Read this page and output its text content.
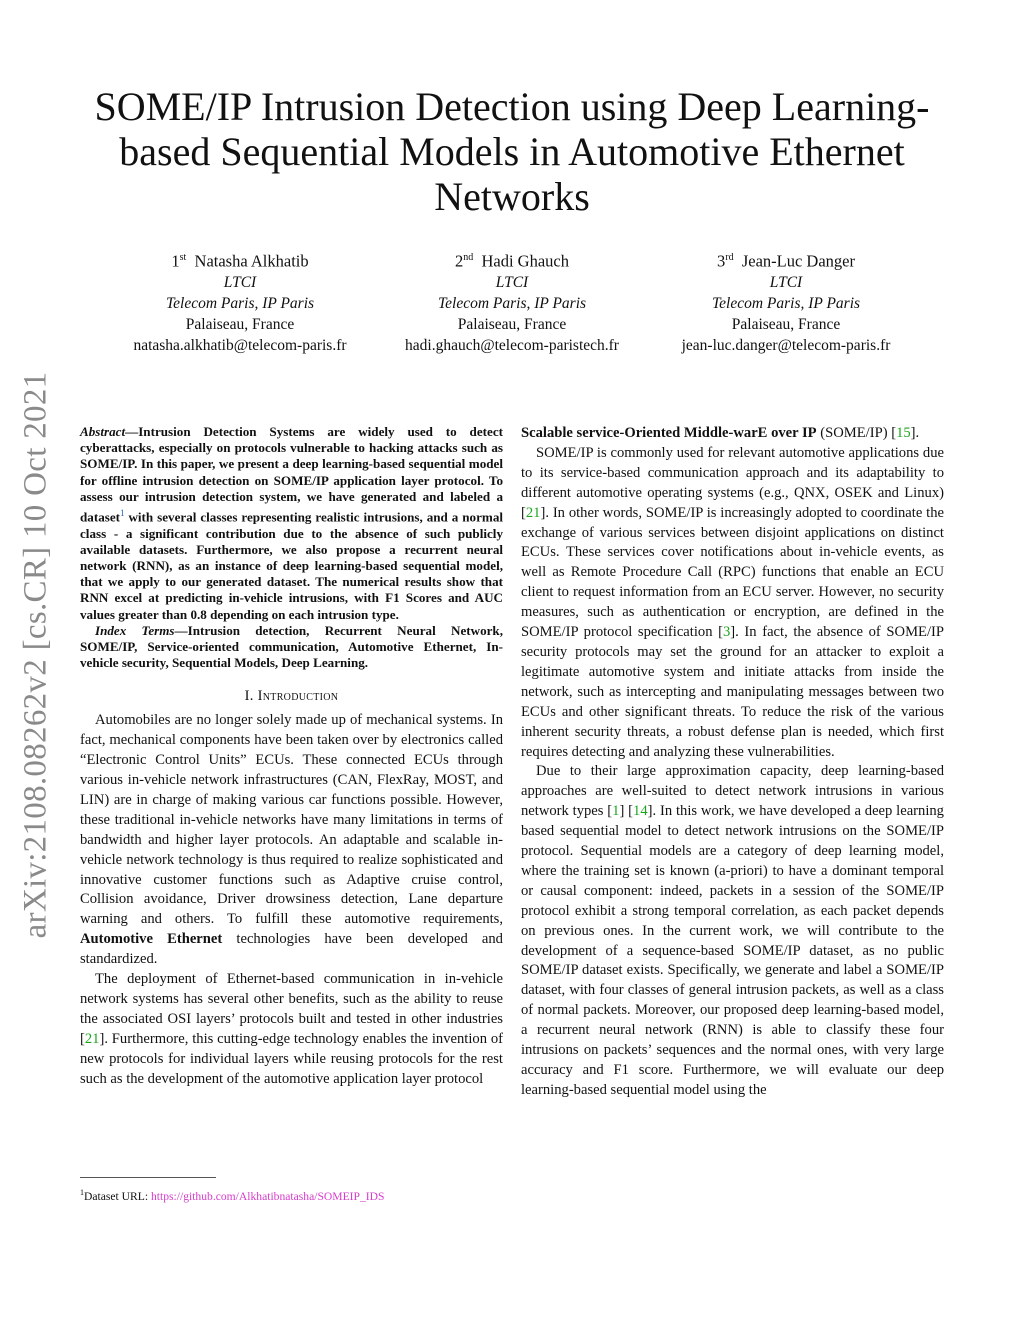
arXiv:2108.08262v2 [cs.CR] 10 Oct 2021
SOME/IP Intrusion Detection using Deep Learning-based Sequential Models in Automotive Ethernet Networks
1st Natasha Alkhatib
LTCI
Telecom Paris, IP Paris
Palaiseau, France
natasha.alkhatib@telecom-paris.fr
2nd Hadi Ghauch
LTCI
Telecom Paris, IP Paris
Palaiseau, France
hadi.ghauch@telecom-paristech.fr
3rd Jean-Luc Danger
LTCI
Telecom Paris, IP Paris
Palaiseau, France
jean-luc.danger@telecom-paris.fr

Abstract—Intrusion Detection Systems are widely used to detect cyberattacks, especially on protocols vulnerable to hacking attacks such as SOME/IP. In this paper, we present a deep learning-based sequential model for offline intrusion detection on SOME/IP application layer protocol. To assess our intrusion detection system, we have generated and labeled a dataset$^1$ with several classes representing realistic intrusions, and a normal class - a significant contribution due to the absence of such publicly available datasets. Furthermore, we also propose a recurrent neural network (RNN), as an instance of deep learning-based sequential model, that we apply to our generated dataset. The numerical results show that RNN excel at predicting in-vehicle intrusions, with F1 Scores and AUC values greater than 0.8 depending on each intrusion type.

Index Terms—Intrusion detection, Recurrent Neural Network, SOME/IP, Service-oriented communication, Automotive Ethernet, In-vehicle security, Sequential Models, Deep Learning.

I. Introduction

Automobiles are no longer solely made up of mechanical systems. In fact, mechanical components have been taken over by electronics called “Electronic Control Units” ECUs. These connected ECUs through various in-vehicle network infrastructures (CAN, FlexRay, MOST, and LIN) are in charge of making various car functions possible. However, these traditional in-vehicle networks have many limitations in terms of bandwidth and higher layer protocols. An adaptable and scalable in-vehicle network technology is thus required to realize sophisticated and innovative customer functions such as Adaptive cruise control, Collision avoidance, Driver drowsiness detection, Lane departure warning and others. To fulfill these automotive requirements, Automotive Ethernet technologies have been developed and standardized.

The deployment of Ethernet-based communication in in-vehicle network systems has several other benefits, such as the ability to reuse the associated OSI layers’ protocols built and tested in other industries [21]. Furthermore, this cutting-edge technology enables the invention of new protocols for individual layers while reusing protocols for the rest such as the development of the automotive application layer protocol

Scalable service-Oriented Middle-warE over IP (SOME/IP) [15].

SOME/IP is commonly used for relevant automotive applications due to its service-based communication approach and its adaptability to different automotive operating systems (e.g., QNX, OSEK and Linux) [21]. In other words, SOME/IP is increasingly adopted to coordinate the exchange of various services between disjoint applications on distinct ECUs. These services cover notifications about in-vehicle events, as well as Remote Procedure Call (RPC) functions that enable an ECU client to request information from an ECU server. However, no security measures, such as authentication or encryption, are defined in the SOME/IP protocol specification [3]. In fact, the absence of SOME/IP security protocols may set the ground for an attacker to exploit a legitimate automotive system and initiate attacks from inside the network, such as intercepting and manipulating messages between two ECUs and other significant threats. To reduce the risk of the various inherent security threats, a robust defense plan is needed, which first requires detecting and analyzing these vulnerabilities.

Due to their large approximation capacity, deep learning-based approaches are well-suited to detect network intrusions in various network types [1] [14]. In this work, we have developed a deep learning based sequential model to detect network intrusions on the SOME/IP protocol. Sequential models are a category of deep learning model, where the training set is known (a-priori) to have a dominant temporal or causal component: indeed, packets in a session of the SOME/IP protocol exhibit a strong temporal correlation, as each packet depends on previous ones. In the current work, we will contribute to the development of a sequence-based SOME/IP dataset, as no public SOME/IP dataset exists. Specifically, we generate and label a SOME/IP dataset, with four classes of general intrusion packets, as well as a class of normal packets. Moreover, our proposed deep learning-based model, a recurrent neural network (RNN) is able to classify these four intrusions on packets’ sequences and the normal ones, with very large accuracy and F1 score. Furthermore, we will evaluate our deep learning-based sequential model using the

$^1$Dataset URL: https://github.com/Alkhatibnatasha/SOMEIP_IDS
